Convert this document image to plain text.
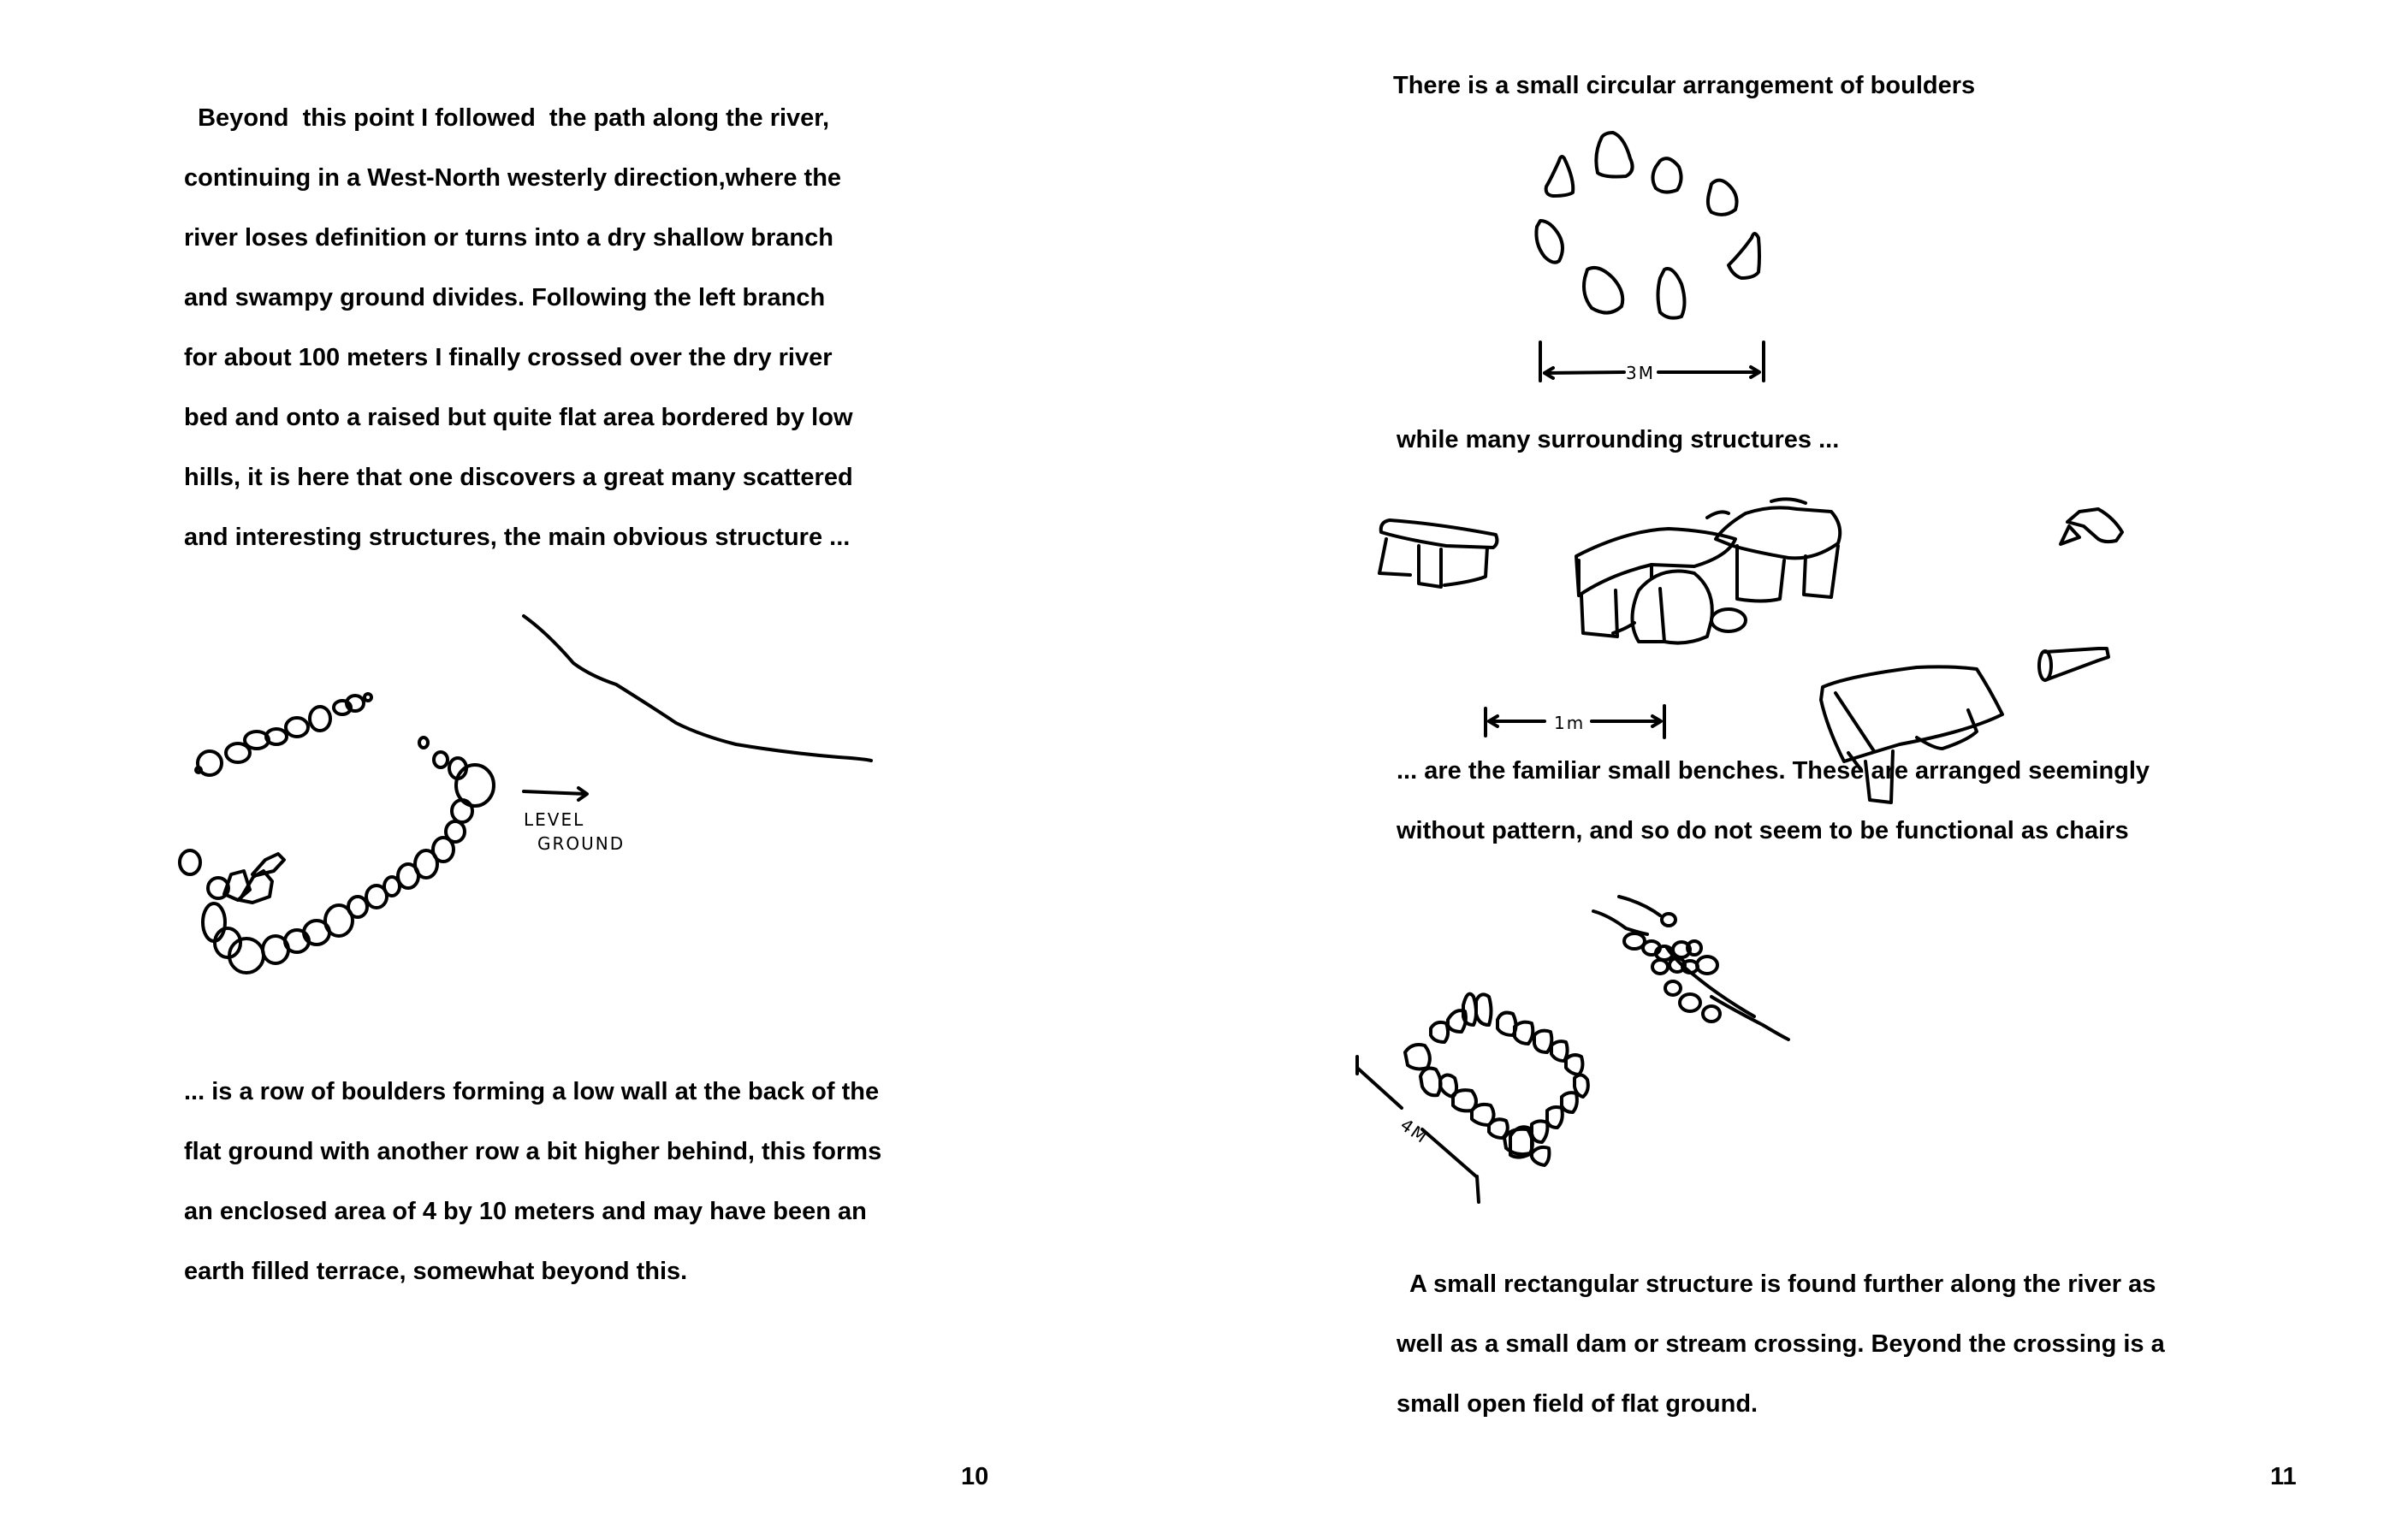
Beyond  this point I followed  the path along the river,
continuing in a West-North westerly direction,where the
river loses definition or turns into a dry shallow branch
and swampy ground divides. Following the left branch
for about 100 meters I finally crossed over the dry river
bed and onto a raised but quite flat area bordered by low
hills, it is here that one discovers a great many scattered
and interesting structures, the main obvious structure ...
LEVEL
GROUND
... is a row of boulders forming a low wall at the back of the
flat ground with another row a bit higher behind, this forms
an enclosed area of 4 by 10 meters and may have been an
earth filled terrace, somewhat beyond this.
10
There is a small circular arrangement of boulders
3M
while many surrounding structures ...
1m
... are the familiar small benches. These are arranged seemingly
without pattern, and so do not seem to be functional as chairs
4M
A small rectangular structure is found further along the river as
well as a small dam or stream crossing. Beyond the crossing is a
small open field of flat ground.
11
